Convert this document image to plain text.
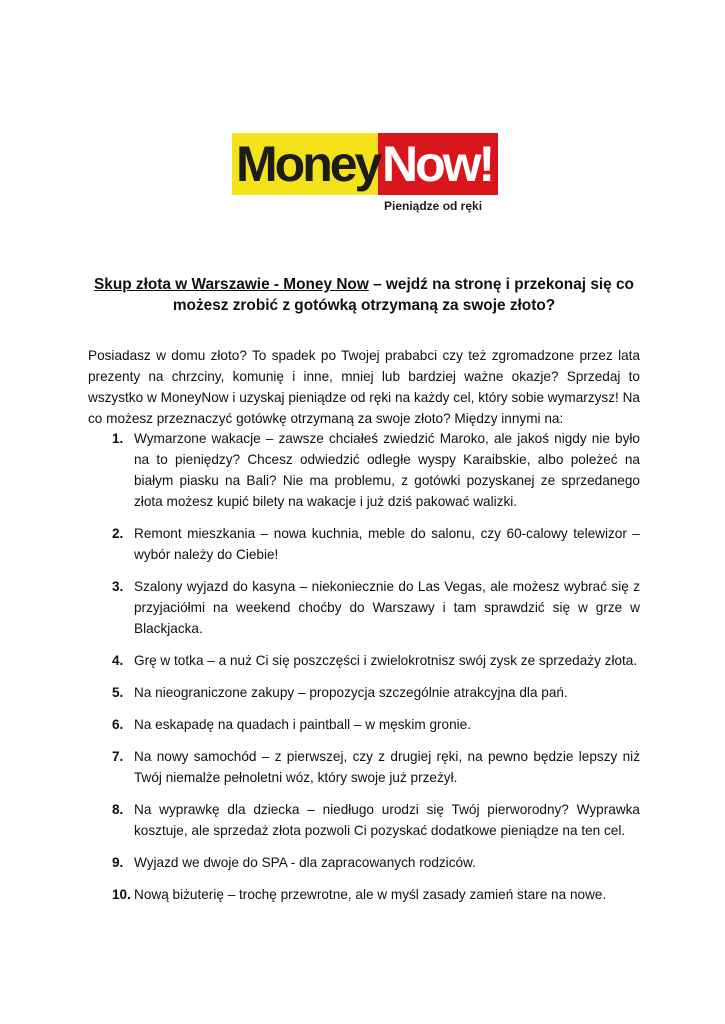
Money Now!
Pieniądze od ręki
Skup złota w Warszawie - Money Now – wejdź na stronę i przekonaj się co możesz zrobić z gotówką otrzymaną za swoje złoto?

Posiadasz w domu złoto? To spadek po Twojej prababci czy też zgromadzone przez lata prezenty na chrzciny, komunię i inne, mniej lub bardziej ważne okazje? Sprzedaj to wszystko w MoneyNow i uzyskaj pieniądze od ręki na każdy cel, który sobie wymarzysz! Na co możesz przeznaczyć gotówkę otrzymaną za swoje złoto? Między innymi na:

1. Wymarzone wakacje – zawsze chciałeś zwiedzić Maroko, ale jakoś nigdy nie było na to pieniędzy? Chcesz odwiedzić odległe wyspy Karaibskie, albo poleżeć na białym piasku na Bali? Nie ma problemu, z gotówki pozyskanej ze sprzedanego złota możesz kupić bilety na wakacje i już dziś pakować walizki.
2. Remont mieszkania – nowa kuchnia, meble do salonu, czy 60-calowy telewizor – wybór należy do Ciebie!
3. Szalony wyjazd do kasyna – niekoniecznie do Las Vegas, ale możesz wybrać się z przyjaciółmi na weekend choćby do Warszawy i tam sprawdzić się w grze w Blackjacka.
4. Grę w totka – a nuż Ci się poszczęści i zwielokrotnisz swój zysk ze sprzedaży złota.
5. Na nieograniczone zakupy – propozycja szczególnie atrakcyjna dla pań.
6. Na eskapadę na quadach i paintball – w męskim gronie.
7. Na nowy samochód – z pierwszej, czy z drugiej ręki, na pewno będzie lepszy niż Twój niemalże pełnoletni wóz, który swoje już przeżył.
8. Na wyprawkę dla dziecka – niedługo urodzi się Twój pierworodny? Wyprawka kosztuje, ale sprzedaż złota pozwoli Ci pozyskać dodatkowe pieniądze na ten cel.
9. Wyjazd we dwoje do SPA - dla zapracowanych rodziców.
10. Nową biżuterię – trochę przewrotne, ale w myśl zasady zamień stare na nowe.
